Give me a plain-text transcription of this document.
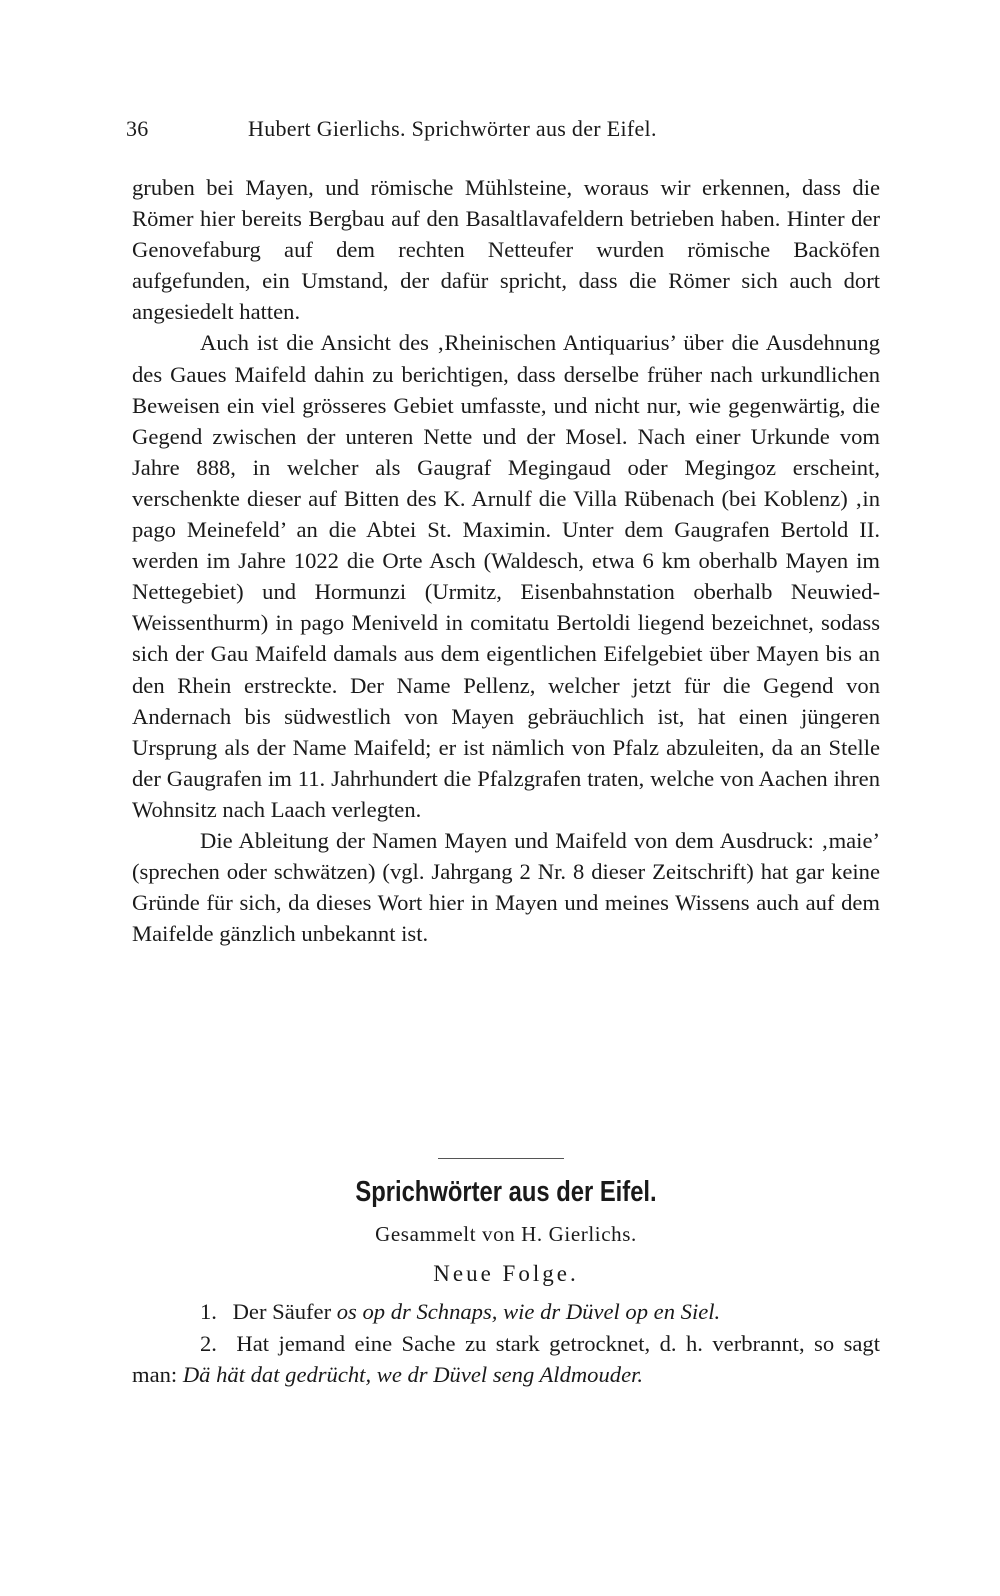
36	Hubert Gierlichs. Sprichwörter aus der Eifel.

gruben bei Mayen, und römische Mühlsteine, woraus wir erkennen, dass die Römer hier bereits Bergbau auf den Basaltlavafeldern betrieben haben. Hinter der Genovefaburg auf dem rechten Netteufer wurden römische Backöfen aufgefunden, ein Umstand, der dafür spricht, dass die Römer sich auch dort angesiedelt hatten.

Auch ist die Ansicht des ‚Rheinischen Antiquarius’ über die Ausdehnung des Gaues Maifeld dahin zu berichtigen, dass derselbe früher nach urkundlichen Beweisen ein viel grösseres Gebiet umfasste, und nicht nur, wie gegenwärtig, die Gegend zwischen der unteren Nette und der Mosel. Nach einer Urkunde vom Jahre 888, in welcher als Gaugraf Megingaud oder Megingoz erscheint, verschenkte dieser auf Bitten des K. Arnulf die Villa Rübenach (bei Koblenz) ‚in pago Meinefeld’ an die Abtei St. Maximin. Unter dem Gaugrafen Bertold II. werden im Jahre 1022 die Orte Asch (Waldesch, etwa 6 km oberhalb Mayen im Nettegebiet) und Hormunzi (Urmitz, Eisenbahnstation oberhalb Neuwied-Weissenthurm) in pago Meniveld in comitatu Bertoldi liegend bezeichnet, sodass sich der Gau Maifeld damals aus dem eigentlichen Eifelgebiet über Mayen bis an den Rhein erstreckte. Der Name Pellenz, welcher jetzt für die Gegend von Andernach bis südwestlich von Mayen gebräuchlich ist, hat einen jüngeren Ursprung als der Name Maifeld; er ist nämlich von Pfalz abzuleiten, da an Stelle der Gaugrafen im 11. Jahrhundert die Pfalzgrafen traten, welche von Aachen ihren Wohnsitz nach Laach verlegten.

Die Ableitung der Namen Mayen und Maifeld von dem Ausdruck: ‚maie’ (sprechen oder schwätzen) (vgl. Jahrgang 2 Nr. 8 dieser Zeitschrift) hat gar keine Gründe für sich, da dieses Wort hier in Mayen und meines Wissens auch auf dem Maifelde gänzlich unbekannt ist.

Sprichwörter aus der Eifel.
Gesammelt von H. Gierlichs.
Neue Folge.

1. Der Säufer os op dr Schnaps, wie dr Düvel op en Siel.

2. Hat jemand eine Sache zu stark getrocknet, d. h. verbrannt, so sagt man: Dä hät dat gedrücht, we dr Düvel seng Aldmouder.
